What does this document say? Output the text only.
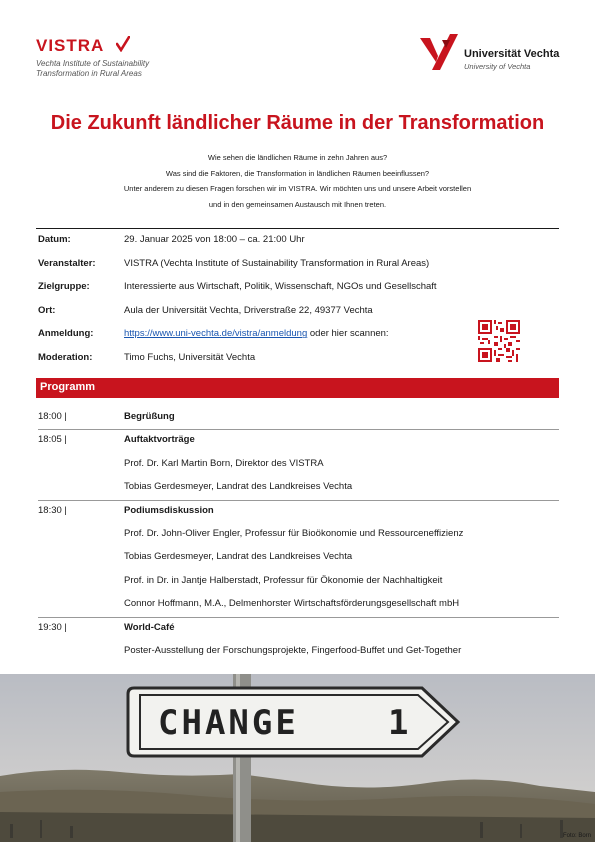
VISTRA
Vechta Institute of Sustainability
Transformation in Rural Areas
Universität Vechta
University of Vechta
Die Zukunft ländlicher Räume in der Transformation
Wie sehen die ländlichen Räume in zehn Jahren aus?
Was sind die Faktoren, die Transformation in ländlichen Räumen beeinflussen?
Unter anderem zu diesen Fragen forschen wir im VISTRA. Wir möchten uns und unsere Arbeit vorstellen
und in den gemeinsamen Austausch mit Ihnen treten.
Datum:	29. Januar 2025 von 18:00 – ca. 21:00 Uhr
Veranstalter:	VISTRA (Vechta Institute of Sustainability Transformation in Rural Areas)
Zielgruppe:	Interessierte aus Wirtschaft, Politik, Wissenschaft, NGOs und Gesellschaft
Ort:	Aula der Universität Vechta, Driverstraße 22, 49377 Vechta
Anmeldung:	https://www.uni-vechta.de/vistra/anmeldung oder hier scannen:
Moderation:	Timo Fuchs, Universität Vechta
Programm
18:00 |	Begrüßung
18:05 |	Auftaktvorträge
Prof. Dr. Karl Martin Born, Direktor des VISTRA
Tobias Gerdesmeyer, Landrat des Landkreises Vechta
18:30 |	Podiumsdiskussion
Prof. Dr. John-Oliver Engler, Professur für Bioökonomie und Ressourceneffizienz
Tobias Gerdesmeyer, Landrat des Landkreises Vechta
Prof. in Dr. in Jantje Halberstadt, Professur für Ökonomie der Nachhaltigkeit
Connor Hoffmann, M.A., Delmenhorster Wirtschaftsförderungsgesellschaft mbH
19:30 |	World-Café
Poster-Ausstellung der Forschungsprojekte, Fingerfood-Buffet und Get-Together
CHANGE	1
Foto: Born
